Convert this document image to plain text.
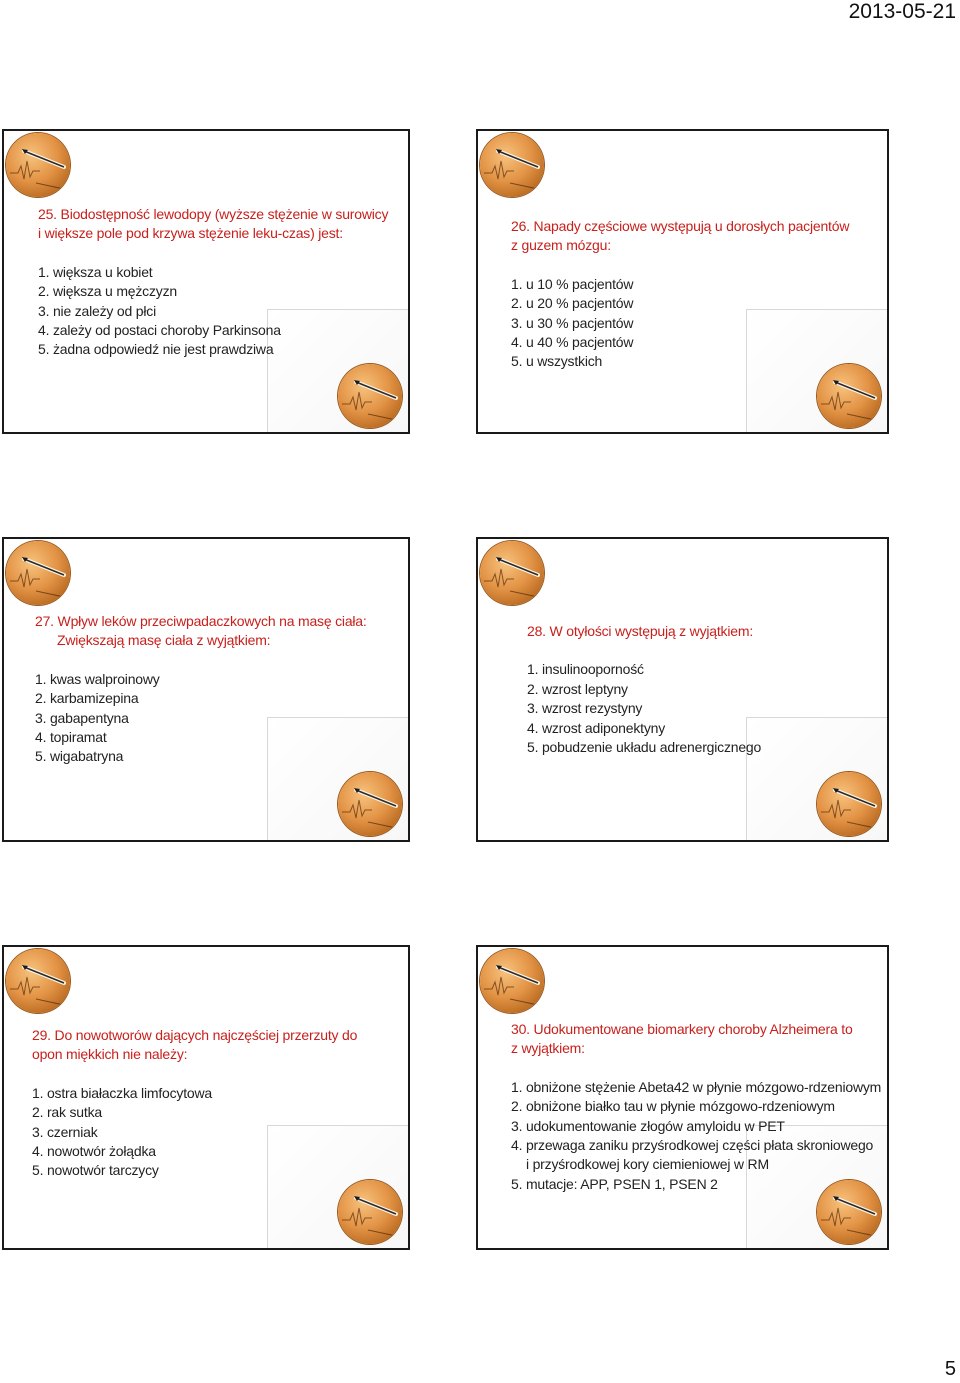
2013-05-21
25. Biodostępność lewodopy (wyższe stężenie w surowicy
i większe pole pod krzywa stężenie leku-czas) jest:
1. większa u kobiet
2. większa u mężczyzn
3. nie zależy od płci
4. zależy od postaci choroby Parkinsona
5. żadna odpowiedź nie jest prawdziwa
26. Napady częściowe występują u dorosłych pacjentów
z guzem mózgu:
1. u 10 % pacjentów
2. u 20 % pacjentów
3. u 30 % pacjentów
4. u 40 % pacjentów
5. u wszystkich
27. Wpływ leków przeciwpadaczkowych na masę ciała:
Zwiększają masę ciała z wyjątkiem:
1. kwas walproinowy
2. karbamizepina
3. gabapentyna
4. topiramat
5. wigabatryna
28. W otyłości występują z wyjątkiem:
1. insulinooporność
2. wzrost leptyny
3. wzrost rezystyny
4. wzrost adiponektyny
5. pobudzenie układu adrenergicznego
29. Do nowotworów dających najczęściej przerzuty do
opon miękkich nie należy:
1. ostra białaczka limfocytowa
2. rak sutka
3. czerniak
4. nowotwór żołądka
5. nowotwór tarczycy
30. Udokumentowane biomarkery choroby Alzheimera to
z wyjątkiem:
1. obniżone stężenie Abeta42 w płynie mózgowo-rdzeniowym
2. obniżone białko tau w płynie mózgowo-rdzeniowym
3. udokumentowanie złogów amyloidu w PET
4. przewaga zaniku przyśrodkowej części płata skroniowego
i przyśrodkowej kory ciemieniowej w RM
5. mutacje: APP, PSEN 1, PSEN 2
5
